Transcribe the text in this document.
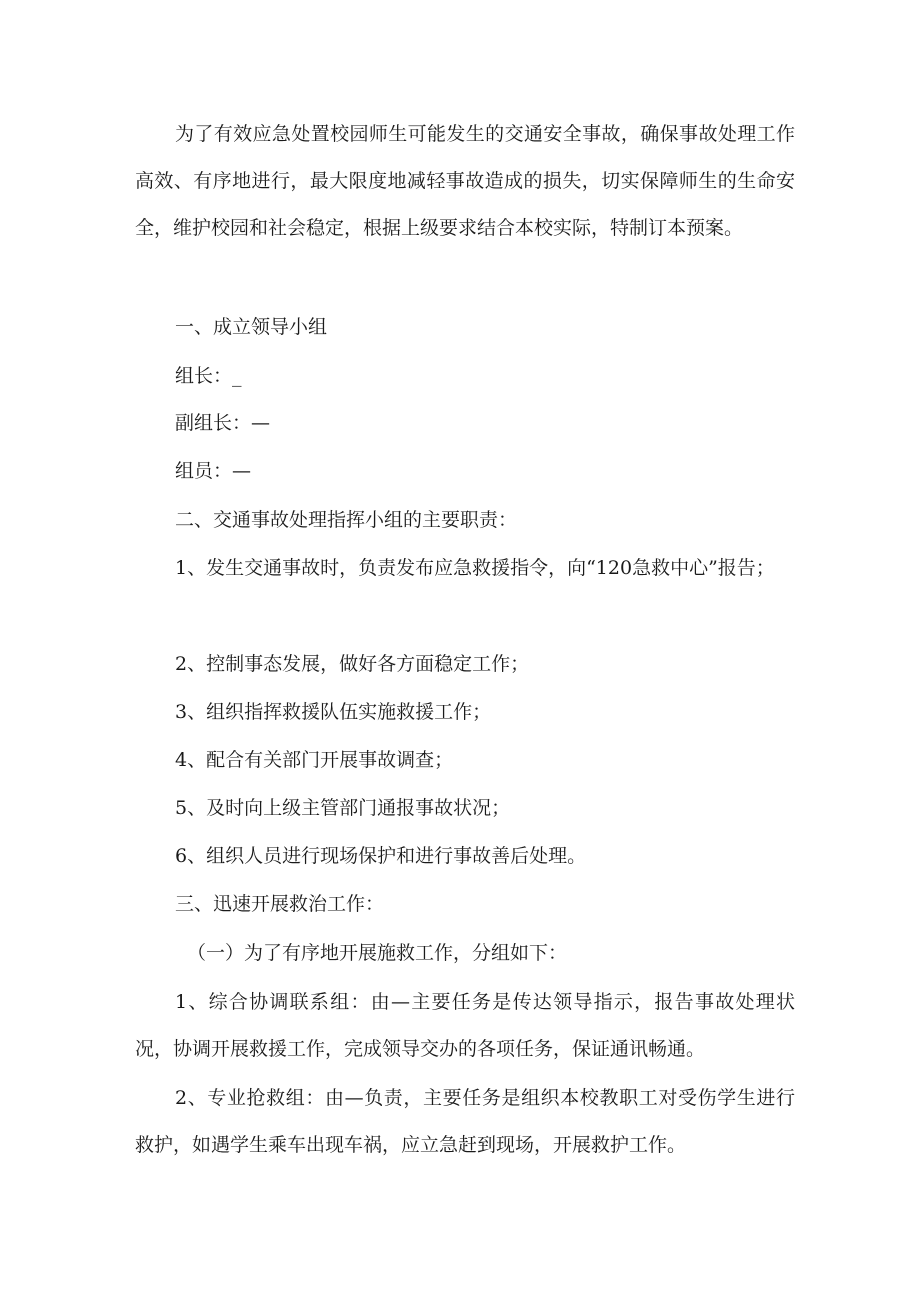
为了有效应急处置校园师生可能发生的交通安全事故，确保事故处理工作高效、有序地进行，最大限度地减轻事故造成的损失，切实保障师生的生命安全，维护校园和社会稳定，根据上级要求结合本校实际，特制订本预案。

一、成立领导小组

组长：_

副组长：—

组员：—

二、交通事故处理指挥小组的主要职责：

1、发生交通事故时，负责发布应急救援指令，向“120急救中心”报告；

2、控制事态发展，做好各方面稳定工作；

3、组织指挥救援队伍实施救援工作；

4、配合有关部门开展事故调查；

5、及时向上级主管部门通报事故状况；

6、组织人员进行现场保护和进行事故善后处理。

三、迅速开展救治工作：

（一）为了有序地开展施救工作，分组如下：

1、综合协调联系组：由—主要任务是传达领导指示，报告事故处理状况，协调开展救援工作，完成领导交办的各项任务，保证通讯畅通。

2、专业抢救组：由—负责，主要任务是组织本校教职工对受伤学生进行救护，如遇学生乘车出现车祸，应立急赶到现场，开展救护工作。
